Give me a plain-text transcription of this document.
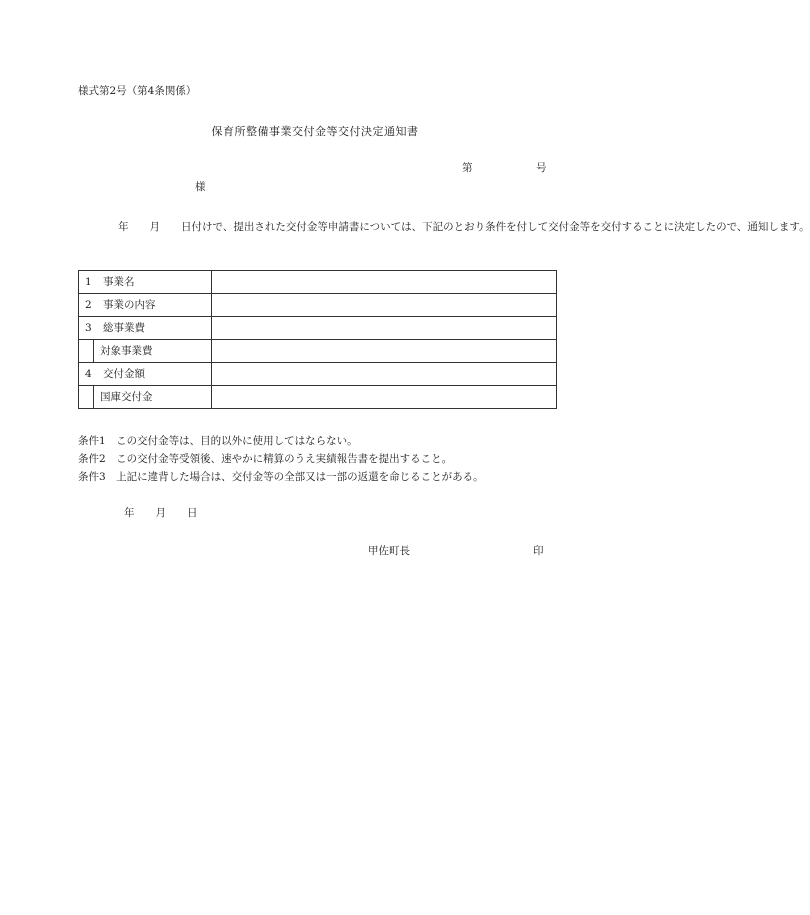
様式第2号（第4条関係）
保育所整備事業交付金等交付決定通知書
第	号
様
年　　月　　日付けで、提出された交付金等申請書については、下記のとおり条件を付して交付金等を交付することに決定したので、通知します。
1 事業名		
2 事業の内容		
3 総事業費		
	対象事業費	
4 交付金額		
	国庫交付金	
条件1　この交付金等は、目的以外に使用してはならない。
条件2　この交付金等受領後、速やかに精算のうえ実績報告書を提出すること。
条件3　上記に違背した場合は、交付金等の全部又は一部の返還を命じることがある。
年　　月　　日
甲佐町長	印
